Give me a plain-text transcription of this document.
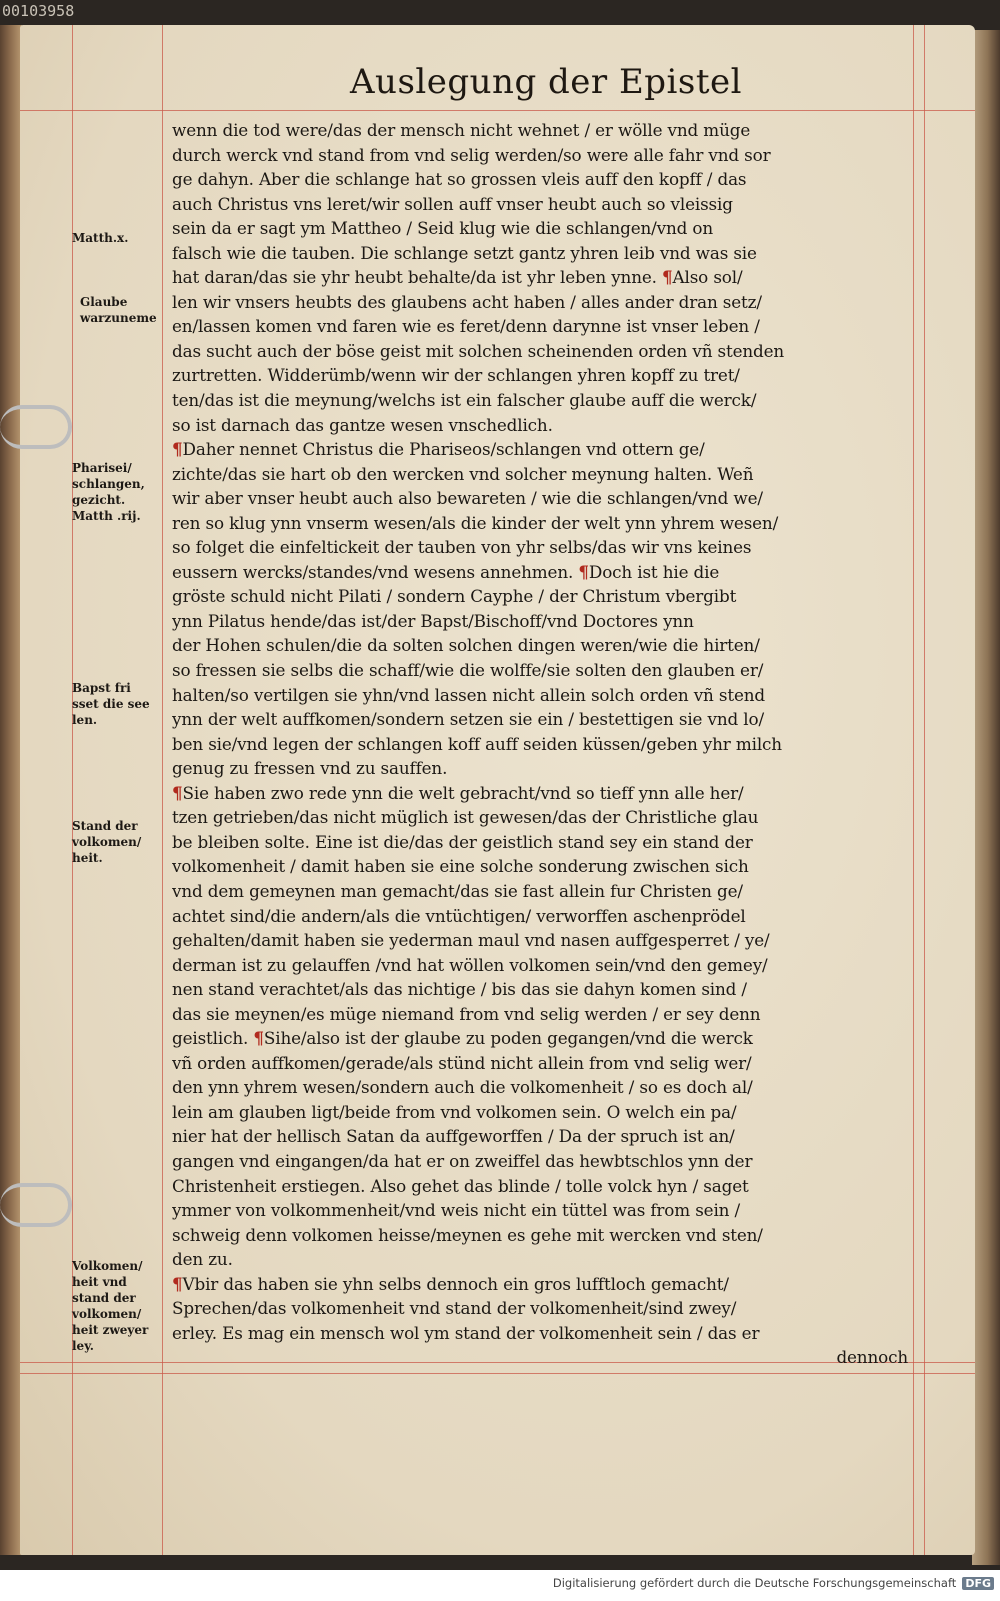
00103958
Auslegung der Epistel
wenn die tod were/das der mensch nicht wehnet / er wölle vnd müge
durch werck vnd stand from vnd selig werden/so were alle fahr vnd sor
ge dahyn. Aber die schlange hat so grossen vleis auff den kopff / das
auch Christus vns leret/wir sollen auff vnser heubt auch so vleissig
sein da er sagt ym Mattheo / Seid klug wie die schlangen/vnd on
falsch wie die tauben. Die schlange setzt gantz yhren leib vnd was sie
hat daran/das sie yhr heubt behalte/da ist yhr leben ynne. ¶Also sol/
len wir vnsers heubts des glaubens acht haben / alles ander dran setz/
en/lassen komen vnd faren wie es feret/denn darynne ist vnser leben /
das sucht auch der böse geist mit solchen scheinenden orden vñ stenden
zurtretten. Widderümb/wenn wir der schlangen yhren kopff zu tret/
ten/das ist die meynung/welchs ist ein falscher glaube auff die werck/
so ist darnach das gantze wesen vnschedlich.
¶Daher nennet Christus die Phariseos/schlangen vnd ottern ge/
zichte/das sie hart ob den wercken vnd solcher meynung halten. Weñ
wir aber vnser heubt auch also bewareten / wie die schlangen/vnd we/
ren so klug ynn vnserm wesen/als die kinder der welt ynn yhrem wesen/
so folget die einfeltickeit der tauben von yhr selbs/das wir vns keines
eussern wercks/standes/vnd wesens annehmen. ¶Doch ist hie die
gröste schuld nicht Pilati / sondern Cayphe / der Christum vbergibt
ynn Pilatus hende/das ist/der Bapst/Bischoff/vnd Doctores ynn
der Hohen schulen/die da solten solchen dingen weren/wie die hirten/
so fressen sie selbs die schaff/wie die wolffe/sie solten den glauben er/
halten/so vertilgen sie yhn/vnd lassen nicht allein solch orden vñ stend
ynn der welt auffkomen/sondern setzen sie ein / bestettigen sie vnd lo/
ben sie/vnd legen der schlangen koff auff seiden küssen/geben yhr milch
genug zu fressen vnd zu sauffen.
¶Sie haben zwo rede ynn die welt gebracht/vnd so tieff ynn alle her/
tzen getrieben/das nicht müglich ist gewesen/das der Christliche glau
be bleiben solte. Eine ist die/das der geistlich stand sey ein stand der
volkomenheit / damit haben sie eine solche sonderung zwischen sich
vnd dem gemeynen man gemacht/das sie fast allein fur Christen ge/
achtet sind/die andern/als die vntüchtigen/ verworffen aschenprödel
gehalten/damit haben sie yederman maul vnd nasen auffgesperret / ye/
derman ist zu gelauffen /vnd hat wöllen volkomen sein/vnd den gemey/
nen stand verachtet/als das nichtige / bis das sie dahyn komen sind /
das sie meynen/es müge niemand from vnd selig werden / er sey denn
geistlich. ¶Sihe/also ist der glaube zu poden gegangen/vnd die werck
vñ orden auffkomen/gerade/als stünd nicht allein from vnd selig wer/
den ynn yhrem wesen/sondern auch die volkomenheit / so es doch al/
lein am glauben ligt/beide from vnd volkomen sein. O welch ein pa/
nier hat der hellisch Satan da auffgeworffen / Da der spruch ist an/
gangen vnd eingangen/da hat er on zweiffel das hewbtschlos ynn der
Christenheit erstiegen. Also gehet das blinde / tolle volck hyn / saget
ymmer von volkommenheit/vnd weis nicht ein tüttel was from sein /
schweig denn volkomen heisse/meynen es gehe mit wercken vnd sten/
den zu.
¶Vbir das haben sie yhn selbs dennoch ein gros lufftloch gemacht/
Sprechen/das volkomenheit vnd stand der volkomenheit/sind zwey/
erley. Es mag ein mensch wol ym stand der volkomenheit sein / das er
dennoch
Matth.x.
Glaube
warzuneme
Pharisei/
schlangen,
gezicht.
Matth .rij.
Bapst fri
sset die see
len.
Stand der
volkomen/
heit.
Volkomen/
heit vnd
stand der
volkomen/
heit zweyer
ley.
Digitalisierung gefördert durch die Deutsche Forschungsgemeinschaft DFG
